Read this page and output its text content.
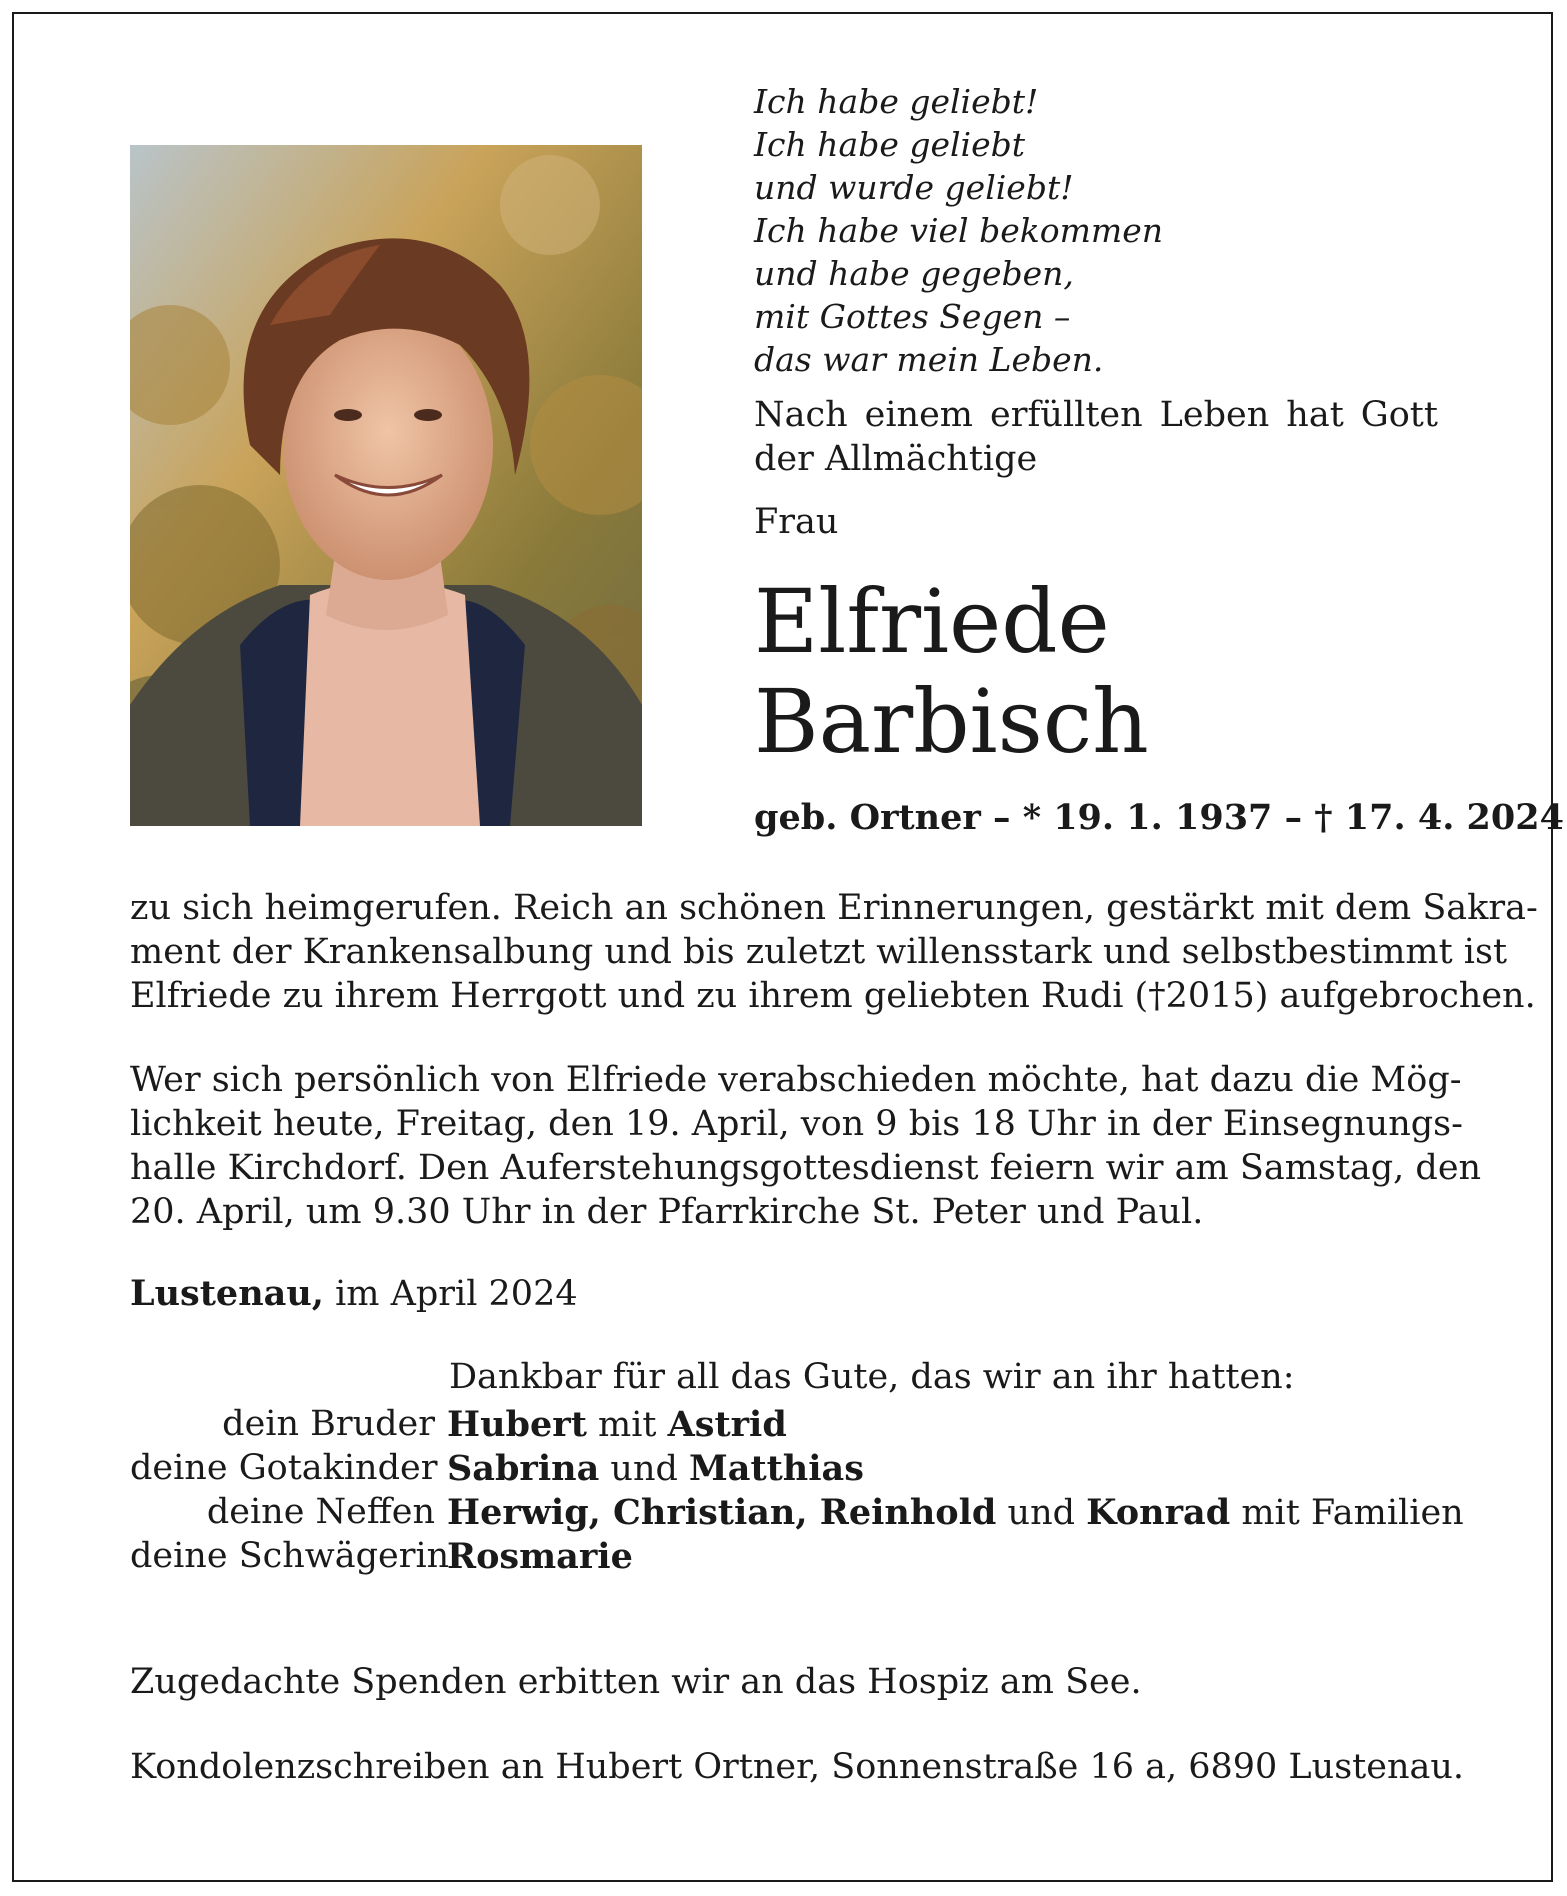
Ich habe geliebt!
Ich habe geliebt
und wurde geliebt!
Ich habe viel bekommen
und habe gegeben,
mit Gottes Segen –
das war mein Leben.
Nach einem erfüllten Leben hat Gott
der Allmächtige
Frau
Elfriede
Barbisch
geb. Ortner – * 19. 1. 1937 – † 17. 4. 2024
zu sich heimgerufen. Reich an schönen Erinnerungen, gestärkt mit dem Sakra-
ment der Krankensalbung und bis zuletzt willensstark und selbstbestimmt ist
Elfriede zu ihrem Herrgott und zu ihrem geliebten Rudi (†2015) aufgebrochen.
Wer sich persönlich von Elfriede verabschieden möchte, hat dazu die Mög-
lichkeit heute, Freitag, den 19. April, von 9 bis 18 Uhr in der Einsegnungs-
halle Kirchdorf. Den Auferstehungsgottesdienst feiern wir am Samstag, den
20. April, um 9.30 Uhr in der Pfarrkirche St. Peter und Paul.
Lustenau, im April 2024
Dankbar für all das Gute, das wir an ihr hatten:
dein Bruder Hubert mit Astrid
deine Gotakinder Sabrina und Matthias
deine Neffen Herwig, Christian, Reinhold und Konrad mit Familien
deine Schwägerin
Rosmarie
Zugedachte Spenden erbitten wir an das Hospiz am See.
Kondolenzschreiben an Hubert Ortner, Sonnenstraße 16 a, 6890 Lustenau.
